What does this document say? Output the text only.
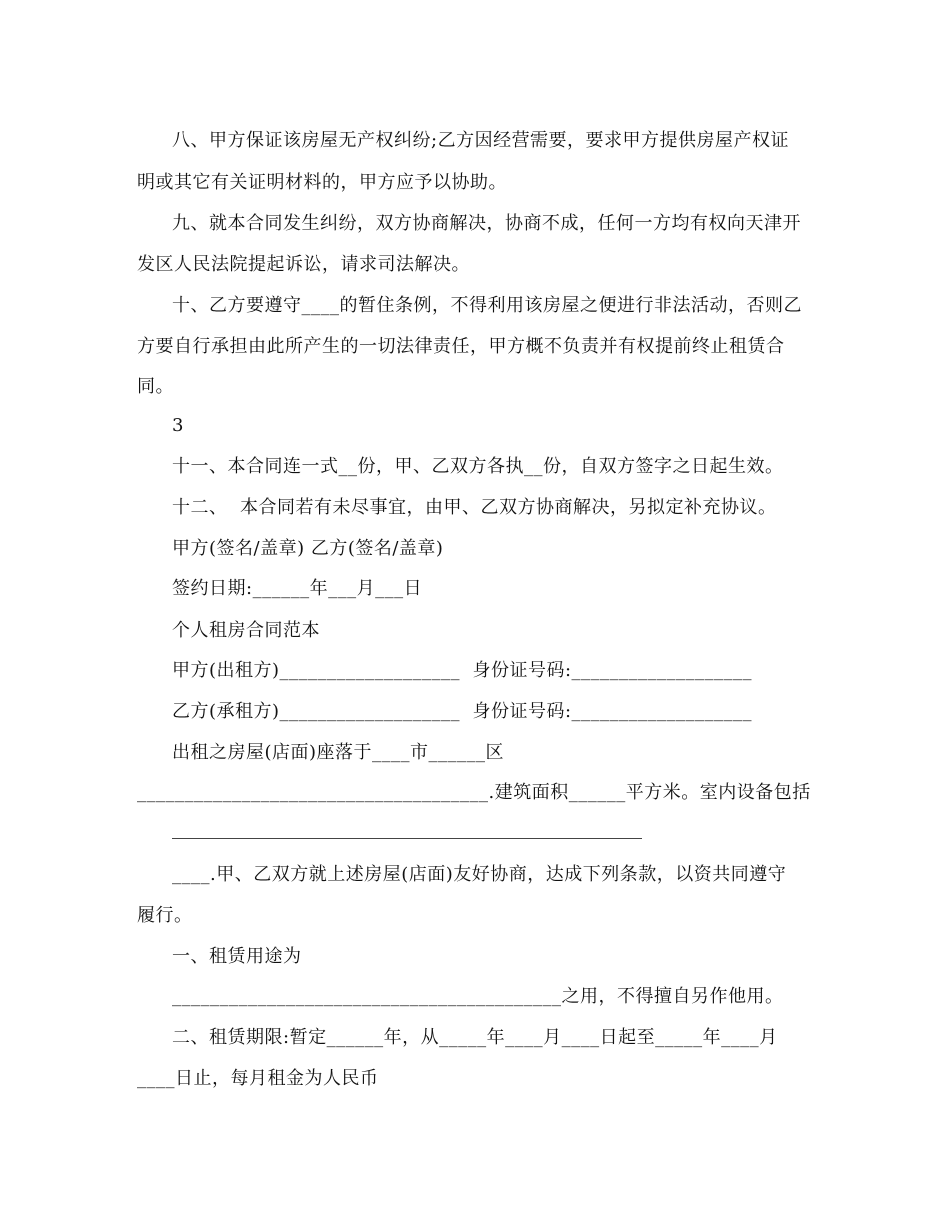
八、甲方保证该房屋无产权纠纷;乙方因经营需要，要求甲方提供房屋产权证
明或其它有关证明材料的，甲方应予以协助。
九、就本合同发生纠纷，双方协商解决，协商不成，任何一方均有权向天津开
发区人民法院提起诉讼，请求司法解决。
十、乙方要遵守____的暂住条例，不得利用该房屋之便进行非法活动，否则乙
方要自行承担由此所产生的一切法律责任，甲方概不负责并有权提前终止租赁合
同。
3
十一、本合同连一式__份，甲、乙双方各执__份，自双方签字之日起生效。
十二、  本合同若有未尽事宜，由甲、乙双方协商解决，另拟定补充协议。
甲方(签名/盖章) 乙方(签名/盖章)
签约日期:______年___月___日
个人租房合同范本
甲方(出租方)___________________  身份证号码:___________________
乙方(承租方)___________________  身份证号码:___________________
出租之房屋(店面)座落于____市______区
_____________________________________.建筑面积______平方米。室内设备包括
____.甲、乙双方就上述房屋(店面)友好协商，达成下列条款，以资共同遵守
履行。
一、租赁用途为
_________________________________________之用，不得擅自另作他用。
二、租赁期限:暂定______年，从_____年____月____日起至_____年____月
____日止，每月租金为人民币
